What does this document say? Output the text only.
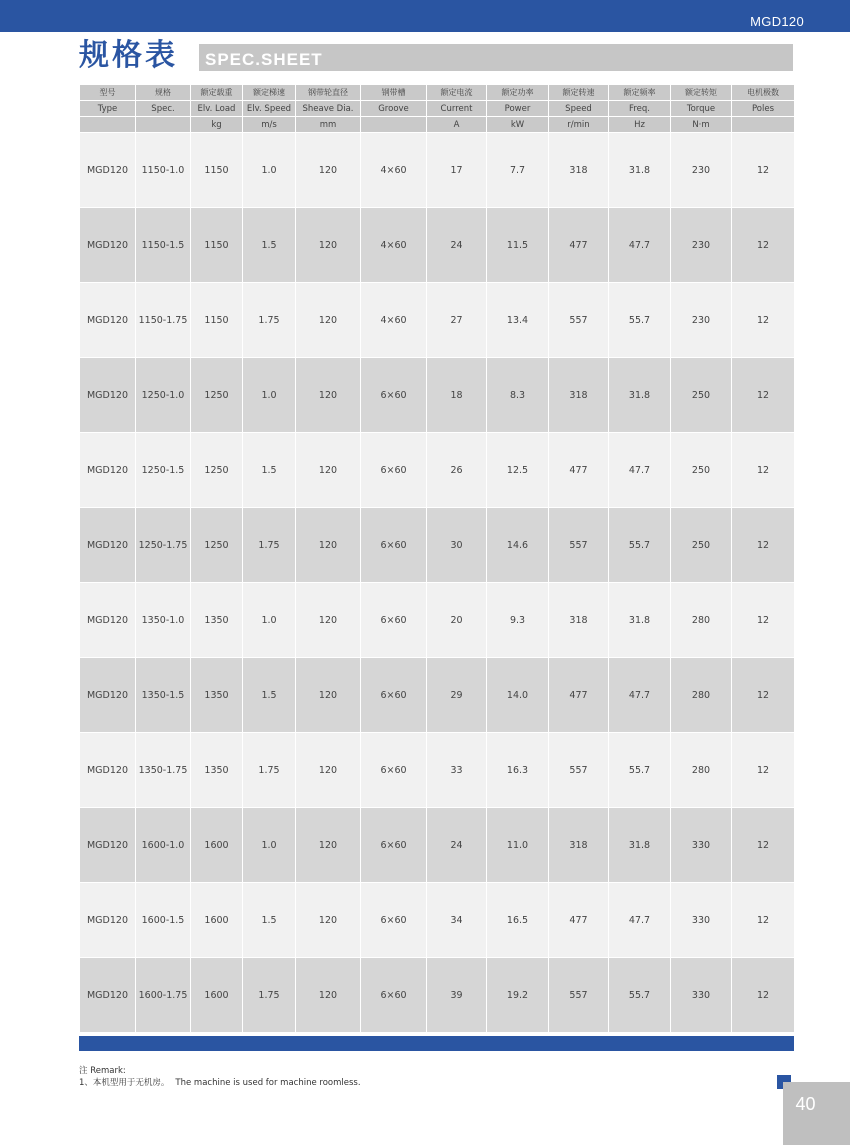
MGD120
规格表 SPEC.SHEET
型号	规格	额定载重	额定梯速	钢带轮直径	钢带槽	额定电流	额定功率	额定转速	额定频率	额定转矩	电机极数
Type	Spec.	Elv. Load	Elv. Speed	Sheave Dia.	Groove	Current	Power	Speed	Freq.	Torque	Poles
		kg	m/s	mm		A	kW	r/min	Hz	N·m	
MGD120	1150-1.0	1150	1.0	120	4×60	17	7.7	318	31.8	230	12
MGD120	1150-1.5	1150	1.5	120	4×60	24	11.5	477	47.7	230	12
MGD120	1150-1.75	1150	1.75	120	4×60	27	13.4	557	55.7	230	12
MGD120	1250-1.0	1250	1.0	120	6×60	18	8.3	318	31.8	250	12
MGD120	1250-1.5	1250	1.5	120	6×60	26	12.5	477	47.7	250	12
MGD120	1250-1.75	1250	1.75	120	6×60	30	14.6	557	55.7	250	12
MGD120	1350-1.0	1350	1.0	120	6×60	20	9.3	318	31.8	280	12
MGD120	1350-1.5	1350	1.5	120	6×60	29	14.0	477	47.7	280	12
MGD120	1350-1.75	1350	1.75	120	6×60	33	16.3	557	55.7	280	12
MGD120	1600-1.0	1600	1.0	120	6×60	24	11.0	318	31.8	330	12
MGD120	1600-1.5	1600	1.5	120	6×60	34	16.5	477	47.7	330	12
MGD120	1600-1.75	1600	1.75	120	6×60	39	19.2	557	55.7	330	12
注 Remark:
1、本机型用于无机房。 The machine is used for machine roomless.
40
